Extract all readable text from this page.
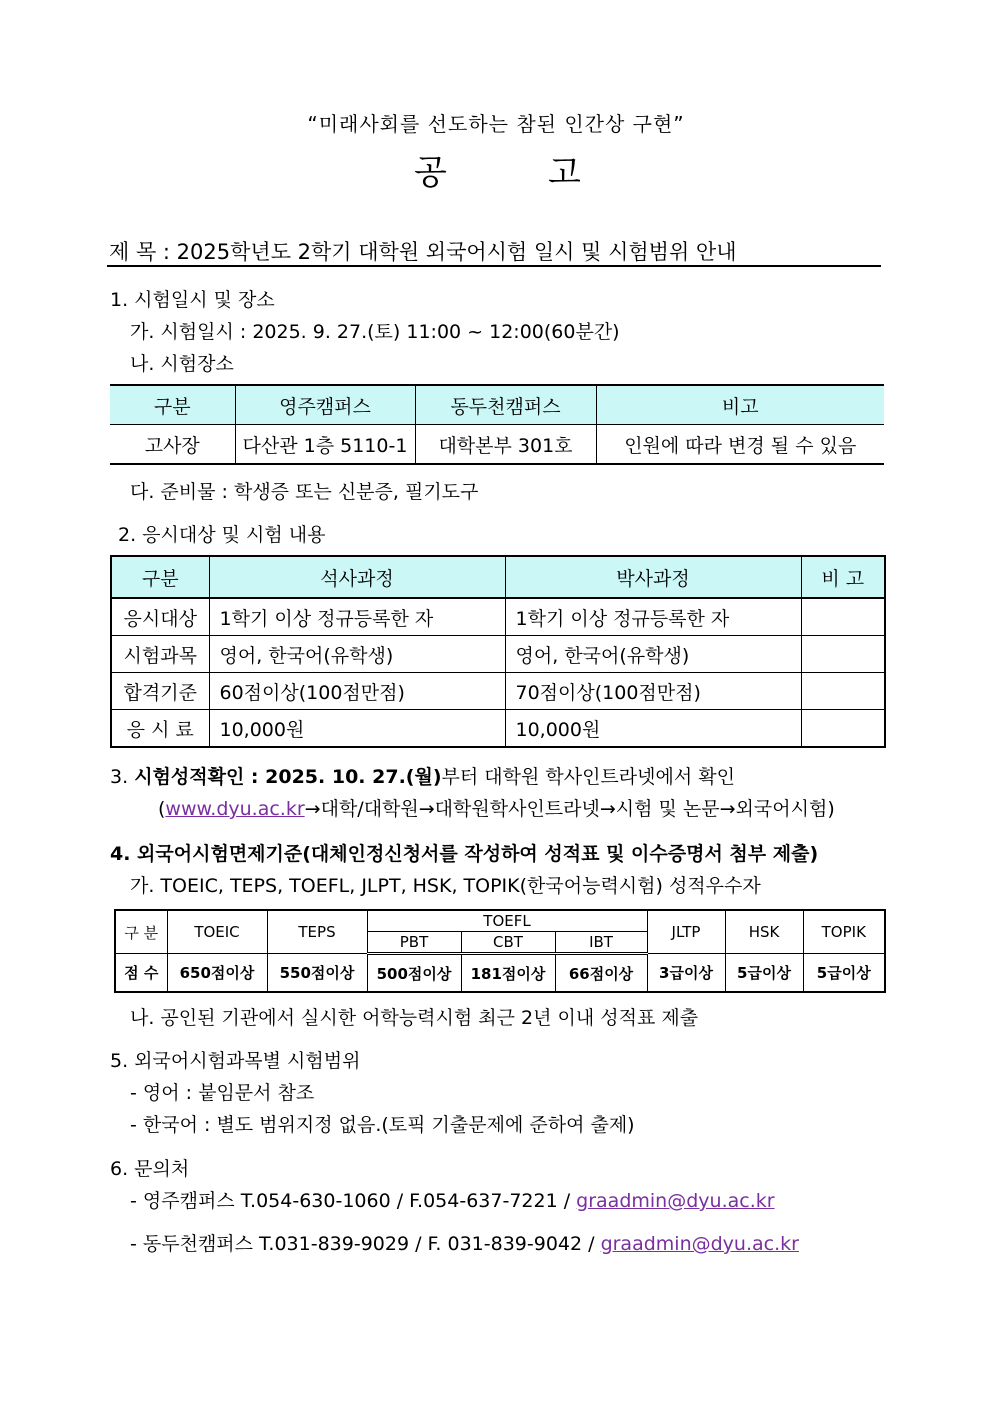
“미래사회를 선도하는 참된 인간상 구현”
공	고
제 목 : 2025학년도 2학기 대학원 외국어시험 일시 및 시험범위 안내
1. 시험일시 및 장소
가. 시험일시 : 2025. 9. 27.(토) 11:00 ~ 12:00(60분간)
나. 시험장소
구분	영주캠퍼스	동두천캠퍼스	비고
고사장	다산관 1층 5110-1	대학본부 301호	인원에 따라 변경 될 수 있음
다. 준비물 : 학생증 또는 신분증, 필기도구
2. 응시대상 및 시험 내용
구분	석사과정	박사과정	비 고
응시대상	1학기 이상 정규등록한 자	1학기 이상 정규등록한 자	
시험과목	영어, 한국어(유학생)	영어, 한국어(유학생)	
합격기준	60점이상(100점만점)	70점이상(100점만점)	
응 시 료	10,000원	10,000원	
3. 시험성적확인 : 2025. 10. 27.(월)부터 대학원 학사인트라넷에서 확인
(www.dyu.ac.kr→대학/대학원→대학원학사인트라넷→시험 및 논문→외국어시험)
4. 외국어시험면제기준(대체인정신청서를 작성하여 성적표 및 이수증명서 첨부 제출)
가. TOEIC, TEPS, TOEFL, JLPT, HSK, TOPIK(한국어능력시험) 성적우수자
구 분	TOEIC	TEPS	TOEFL			JLTP	HSK	TOPIK
			PBT	CBT	IBT			
점 수	650점이상	550점이상	500점이상	181점이상	66점이상	3급이상	5급이상	5급이상
나. 공인된 기관에서 실시한 어학능력시험 최근 2년 이내 성적표 제출
5. 외국어시험과목별 시험범위
- 영어 : 붙임문서 참조
- 한국어 : 별도 범위지정 없음.(토픽 기출문제에 준하여 출제)
6. 문의처
- 영주캠퍼스 T.054-630-1060 / F.054-637-7221 / graadmin@dyu.ac.kr
- 동두천캠퍼스 T.031-839-9029 / F. 031-839-9042 / graadmin@dyu.ac.kr
